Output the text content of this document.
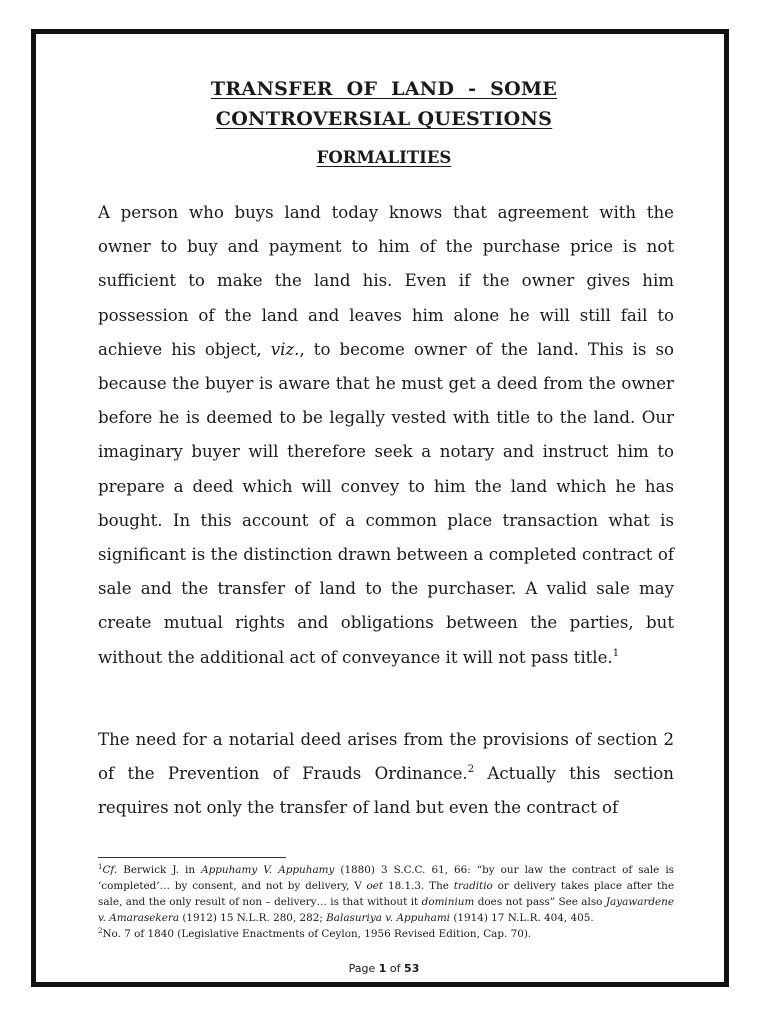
TRANSFER  OF  LAND  -  SOME
CONTROVERSIAL QUESTIONS
FORMALITIES

A person who buys land today knows that agreement with the owner to buy and payment to him of the purchase price is not sufficient to make the land his. Even if the owner gives him possession of the land and leaves him alone he will still fail to achieve his object, viz., to become owner of the land. This is so because the buyer is aware that he must get a deed from the owner before he is deemed to be legally vested with title to the land. Our imaginary buyer will therefore seek a notary and instruct him to prepare a deed which will convey to him the land which he has bought. In this account of a common place transaction what is significant is the distinction drawn between a completed contract of sale and the transfer of land to the purchaser. A valid sale may create mutual rights and obligations between the parties, but without the additional act of conveyance it will not pass title.$^1$

The need for a notarial deed arises from the provisions of section 2 of the Prevention of Frauds Ordinance.$^2$ Actually this section requires not only the transfer of land but even the contract of

$^1$Cf. Berwick J. in Appuhamy V. Appuhamy (1880) 3 S.C.C. 61, 66: “by our law the contract of sale is ‘completed’… by consent, and not by delivery, V oet 18.1.3. The traditio or delivery takes place after the sale, and the only result of non – delivery… is that without it dominium does not pass” See also Jayawardene v. Amarasekera (1912) 15 N.L.R. 280, 282; Balasuriya v. Appuhami (1914) 17 N.L.R. 404, 405.

$^2$No. 7 of 1840 (Legislative Enactments of Ceylon, 1956 Revised Edition, Cap. 70).

Page 1 of 53
